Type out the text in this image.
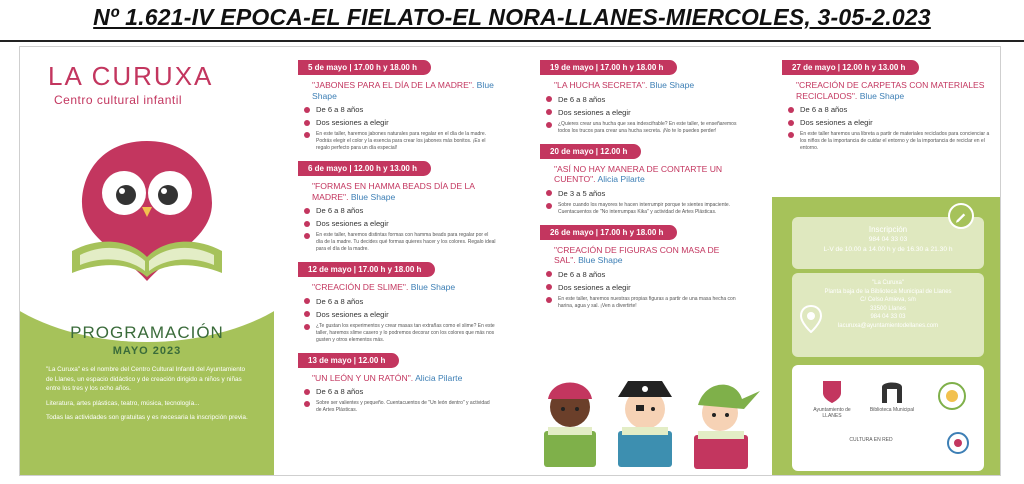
Nº 1.621-IV EPOCA-EL FIELATO-EL NORA-LLANES-MIERCOLES, 3-05-2.023
LA CURUXA
Centro cultural infantil
PROGRAMACIÓN
MAYO 2023

"La Curuxa" es el nombre del Centro Cultural Infantil del Ayuntamiento de Llanes, un espacio didáctico y de creación dirigido a niños y niñas entre los tres y los ocho años.

Literatura, artes plásticas, teatro, música, tecnología...

Todas las actividades son gratuitas y es necesaria la inscripción previa.

5 de mayo | 17.00 h y 18.00 h
"JABONES PARA EL DÍA DE LA MADRE". Blue Shape
De 6 a 8 años
Dos sesiones a elegir
En este taller, haremos jabones naturales para regalar en el día de la madre. Podrás elegir el color y la esencia para crear los jabones más bonitos. ¡Es el regalo perfecto para un día especial!
6 de mayo | 12.00 h y 13.00 h
"FORMAS EN HAMMA BEADS DÍA DE LA MADRE". Blue Shape
De 6 a 8 años
Dos sesiones a elegir
En este taller, haremos distintas formas con hamma beads para regalar por el día de la madre. Tu decides qué formas quieres hacer y los colores. Regalo ideal para el día de la madre.
12 de mayo | 17.00 h y 18.00 h
"CREACIÓN DE SLIME". Blue Shape
De 6 a 8 años
Dos sesiones a elegir
¿Te gustan los experimentos y crear masas tan extrañas como el slime? En este taller, haremos slime casero y lo podremos decorar con los colores que más nos gusten y otros elementos más.
13 de mayo | 12.00 h
"UN LEÓN Y UN RATÓN". Alicia Pilarte
De 6 a 8 años
Sobre ser valientes y pequeño. Cuentacuentos de "Un león dentro" y actividad de Artes Plásticas.
19 de mayo | 17.00 h y 18.00 h
"LA HUCHA SECRETA". Blue Shape
De 6 a 8 años
Dos sesiones a elegir
¿Quieres crear una hucha que sea indescifrable? En este taller, te enseñaremos todos los trucos para crear una hucha secreta. ¡No te lo puedes perder!
20 de mayo | 12.00 h
"ASÍ NO HAY MANERA DE CONTARTE UN CUENTO". Alicia Pilarte
De 3 a 5 años
Sobre cuando los mayores te hacen interrumpir porque te sientes impaciente. Cuentacuentos de "No interrumpas Kika" y actividad de Artes Plásticas.
26 de mayo | 17.00 h y 18.00 h
"CREACIÓN DE FIGURAS CON MASA DE SAL". Blue Shape
De 6 a 8 años
Dos sesiones a elegir
En este taller, haremos nuestras propias figuras a partir de una masa hecha con harina, agua y sal. ¡Ven a divertirte!
27 de mayo | 12.00 h y 13.00 h
"CREACIÓN DE CARPETAS CON MATERIALES RECICLADOS". Blue Shape
De 6 a 8 años
Dos sesiones a elegir
En este taller haremos una libreta a partir de materiales reciclados para concienciar a los niños de la importancia de cuidar el entorno y de la importancia de reciclar en el entorno.
Inscripción
984 04 33 03
L-V de 10.00 a 14.00 h y de 16.30 a 21.30 h
"La Curuxa"
Planta baja de la Biblioteca Municipal de Llanes
C/ Celso Amieva, s/n
33500 Llanes
984 04 33 03
lacuruxa@ayuntamientodellanes.com
Ayuntamiento de LLANES
Biblioteca Municipal
CULTURA EN RED
